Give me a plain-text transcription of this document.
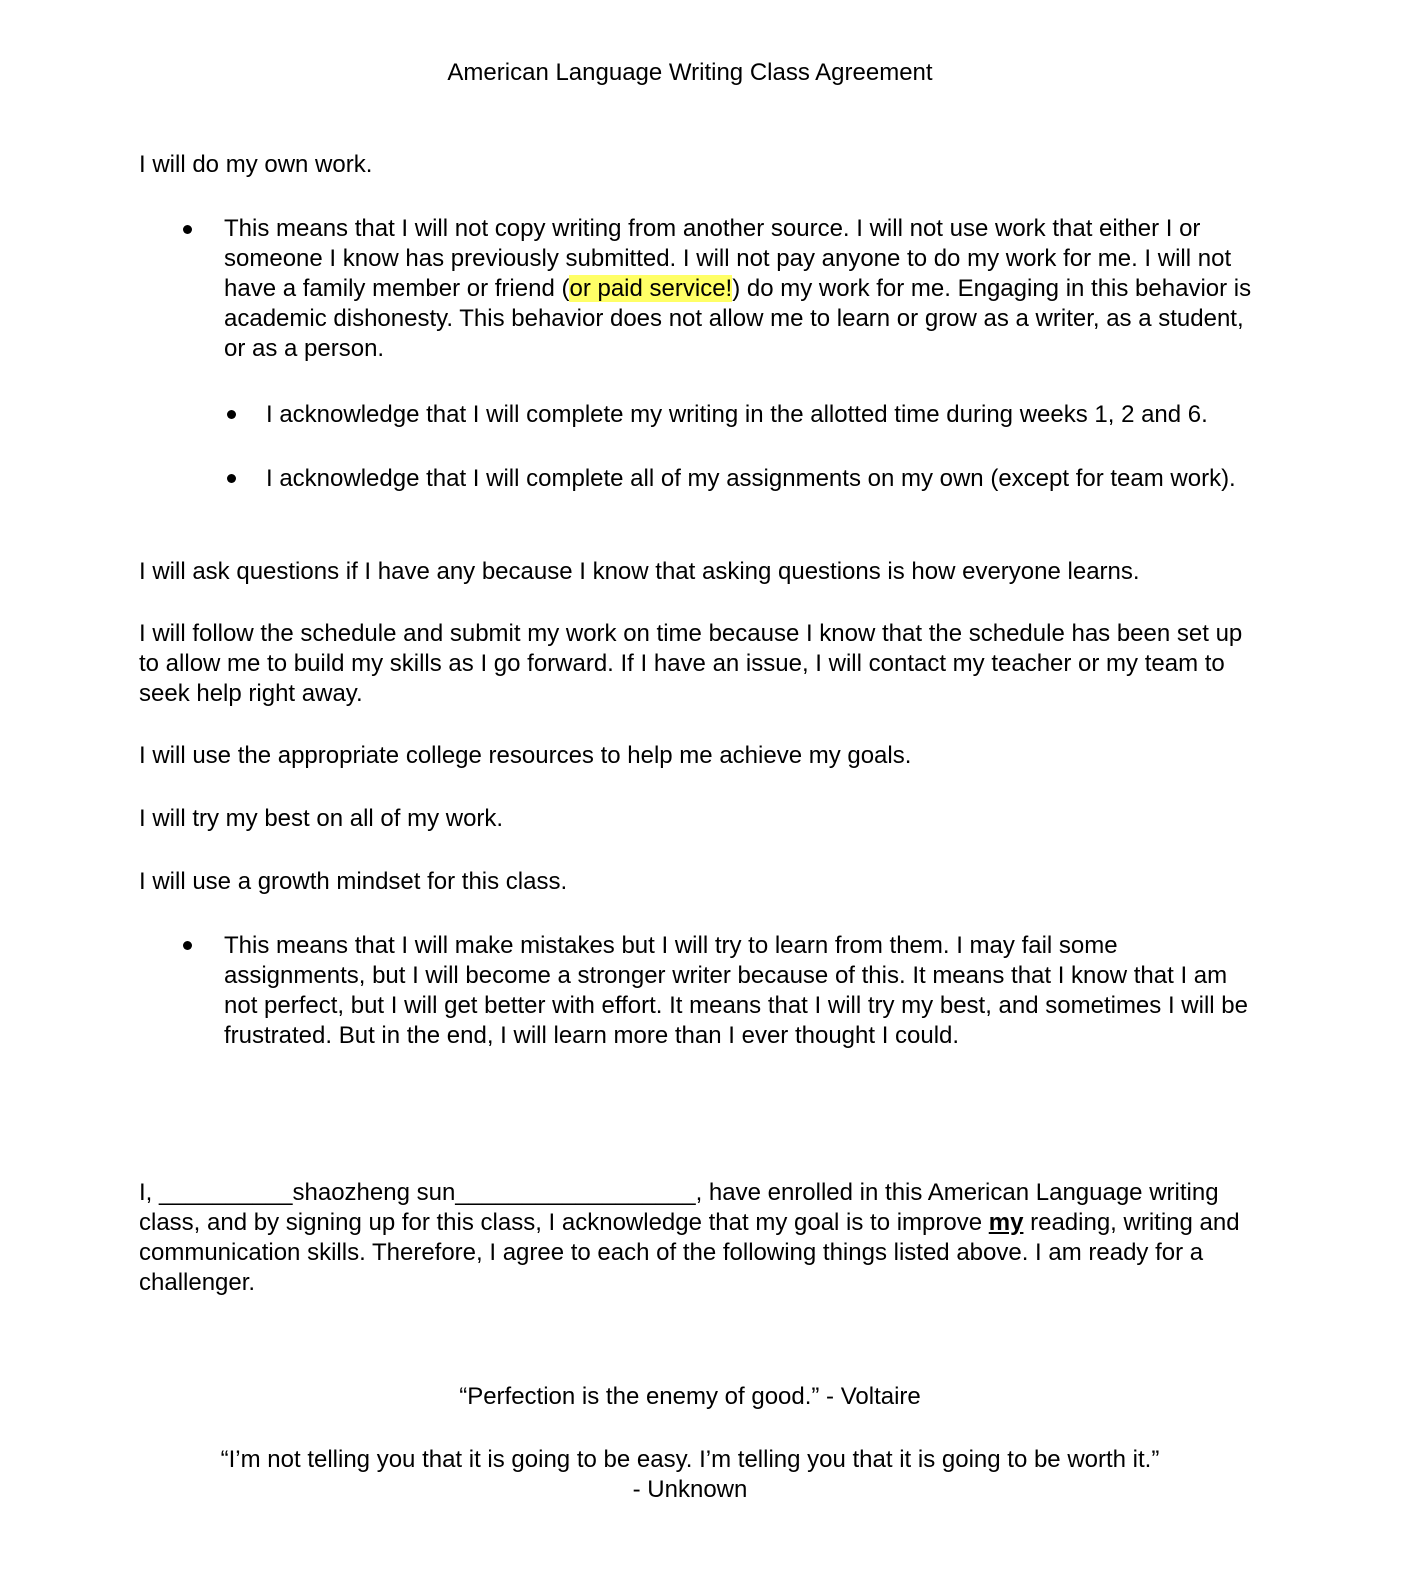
American Language Writing Class Agreement

I will do my own work.

This means that I will not copy writing from another source. I will not use work that either I or someone I know has previously submitted. I will not pay anyone to do my work for me. I will not have a family member or friend (or paid service!) do my work for me. Engaging in this behavior is academic dishonesty. This behavior does not allow me to learn or grow as a writer, as a student, or as a person.

I acknowledge that I will complete my writing in the allotted time during weeks 1, 2 and 6.

I acknowledge that I will complete all of my assignments on my own (except for team work).

I will ask questions if I have any because I know that asking questions is how everyone learns.

I will follow the schedule and submit my work on time because I know that the schedule has been set up to allow me to build my skills as I go forward. If I have an issue, I will contact my teacher or my team to seek help right away.

I will use the appropriate college resources to help me achieve my goals.

I will try my best on all of my work.

I will use a growth mindset for this class.

This means that I will make mistakes but I will try to learn from them. I may fail some assignments, but I will become a stronger writer because of this. It means that I know that I am not perfect, but I will get better with effort. It means that I will try my best, and sometimes I will be frustrated. But in the end, I will learn more than I ever thought I could.

I, __________shaozheng sun__________________, have enrolled in this American Language writing class, and by signing up for this class, I acknowledge that my goal is to improve my reading, writing and communication skills. Therefore, I agree to each of the following things listed above. I am ready for a challenger.

“Perfection is the enemy of good.” - Voltaire
“I’m not telling you that it is going to be easy. I’m telling you that it is going to be worth it.”
- Unknown
